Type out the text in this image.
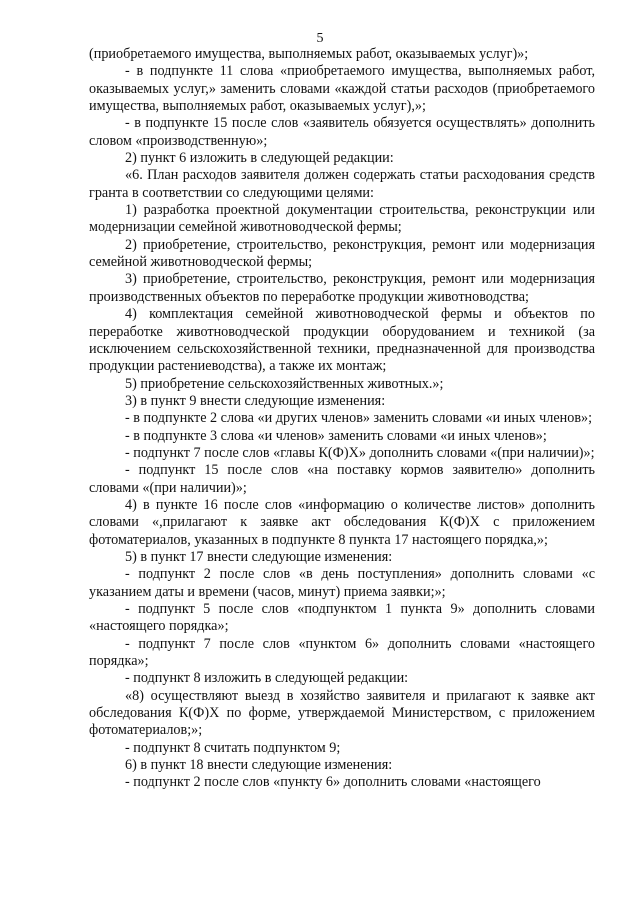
5

(приобретаемого имущества, выполняемых работ, оказываемых услуг)»;

- в подпункте 11 слова «приобретаемого имущества, выполняемых работ, оказываемых услуг,» заменить словами «каждой статьи расходов (приобретаемого имущества, выполняемых работ, оказываемых услуг),»;

- в подпункте 15 после слов «заявитель обязуется осуществлять» дополнить словом «производственную»;

2) пункт 6 изложить в следующей редакции:

«6. План расходов заявителя должен содержать статьи расходования средств гранта в соответствии со следующими целями:

1) разработка проектной документации строительства, реконструкции или модернизации семейной животноводческой фермы;

2) приобретение, строительство, реконструкция, ремонт или модернизация семейной животноводческой фермы;

3) приобретение, строительство, реконструкция, ремонт или модернизация производственных объектов по переработке продукции животноводства;

4) комплектация семейной животноводческой фермы и объектов по переработке животноводческой продукции оборудованием и техникой (за исключением сельскохозяйственной техники, предназначенной для производства продукции растениеводства), а также их монтаж;

5) приобретение сельскохозяйственных животных.»;

3) в пункт 9 внести следующие изменения:

- в подпункте 2 слова «и других членов» заменить словами «и иных членов»;

- в подпункте 3 слова «и членов» заменить словами «и иных членов»;

- подпункт 7 после слов «главы К(Ф)Х» дополнить словами «(при наличии)»;

- подпункт 15 после слов «на поставку кормов заявителю» дополнить словами «(при наличии)»;

4) в пункте 16 после слов «информацию о количестве листов» дополнить словами «,прилагают к заявке акт обследования К(Ф)Х с приложением фотоматериалов, указанных в подпункте 8 пункта 17 настоящего порядка,»;

5) в пункт 17 внести следующие изменения:

- подпункт 2 после слов «в день поступления» дополнить словами «с указанием даты и времени (часов, минут) приема заявки;»;

- подпункт 5 после слов «подпунктом 1 пункта 9» дополнить словами «настоящего порядка»;

- подпункт 7 после слов «пунктом 6» дополнить словами «настоящего порядка»;

- подпункт 8 изложить в следующей редакции:

«8) осуществляют выезд в хозяйство заявителя и прилагают к заявке акт обследования К(Ф)Х по форме, утверждаемой Министерством, с приложением фотоматериалов;»;

- подпункт 8 считать подпунктом 9;

6) в пункт 18 внести следующие изменения:

- подпункт 2 после слов «пункту 6» дополнить словами «настоящего
